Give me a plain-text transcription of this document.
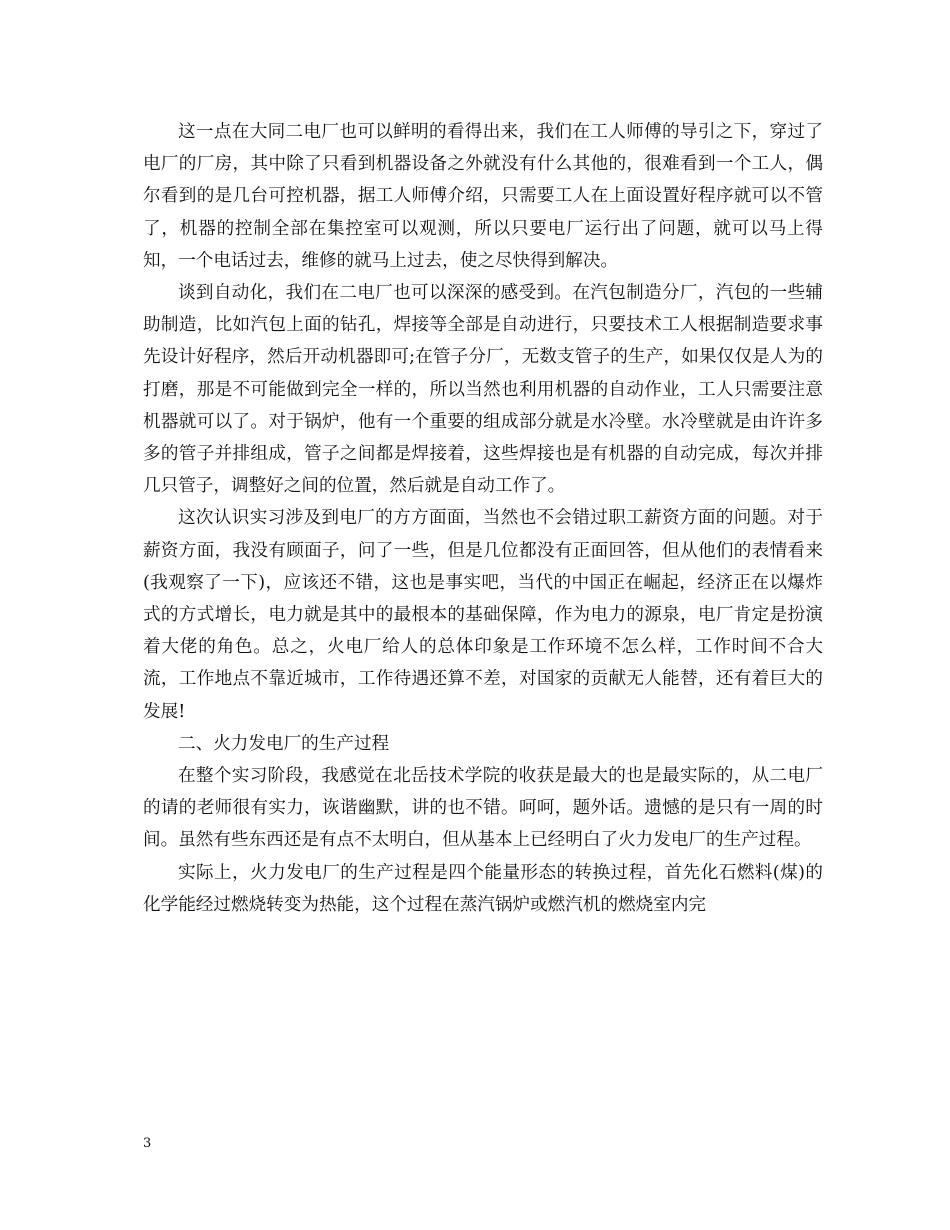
这一点在大同二电厂也可以鲜明的看得出来，我们在工人师傅的导引之下，穿过了电厂的厂房，其中除了只看到机器设备之外就没有什么其他的，很难看到一个工人，偶尔看到的是几台可控机器，据工人师傅介绍，只需要工人在上面设置好程序就可以不管了，机器的控制全部在集控室可以观测，所以只要电厂运行出了问题，就可以马上得知，一个电话过去，维修的就马上过去，使之尽快得到解决。

谈到自动化，我们在二电厂也可以深深的感受到。在汽包制造分厂，汽包的一些辅助制造，比如汽包上面的钻孔，焊接等全部是自动进行，只要技术工人根据制造要求事先设计好程序，然后开动机器即可;在管子分厂，无数支管子的生产，如果仅仅是人为的打磨，那是不可能做到完全一样的，所以当然也利用机器的自动作业，工人只需要注意机器就可以了。对于锅炉，他有一个重要的组成部分就是水冷壁。水冷壁就是由许许多多的管子并排组成，管子之间都是焊接着，这些焊接也是有机器的自动完成，每次并排几只管子，调整好之间的位置，然后就是自动工作了。

这次认识实习涉及到电厂的方方面面，当然也不会错过职工薪资方面的问题。对于薪资方面，我没有顾面子，问了一些，但是几位都没有正面回答，但从他们的表情看来(我观察了一下)，应该还不错，这也是事实吧，当代的中国正在崛起，经济正在以爆炸式的方式增长，电力就是其中的最根本的基础保障，作为电力的源泉，电厂肯定是扮演着大佬的角色。总之，火电厂给人的总体印象是工作环境不怎么样，工作时间不合大流，工作地点不靠近城市，工作待遇还算不差，对国家的贡献无人能替，还有着巨大的发展!

二、火力发电厂的生产过程

在整个实习阶段，我感觉在北岳技术学院的收获是最大的也是最实际的，从二电厂的请的老师很有实力，诙谐幽默，讲的也不错。呵呵，题外话。遗憾的是只有一周的时间。虽然有些东西还是有点不太明白，但从基本上已经明白了火力发电厂的生产过程。

实际上，火力发电厂的生产过程是四个能量形态的转换过程，首先化石燃料(煤)的化学能经过燃烧转变为热能，这个过程在蒸汽锅炉或燃汽机的燃烧室内完

3
